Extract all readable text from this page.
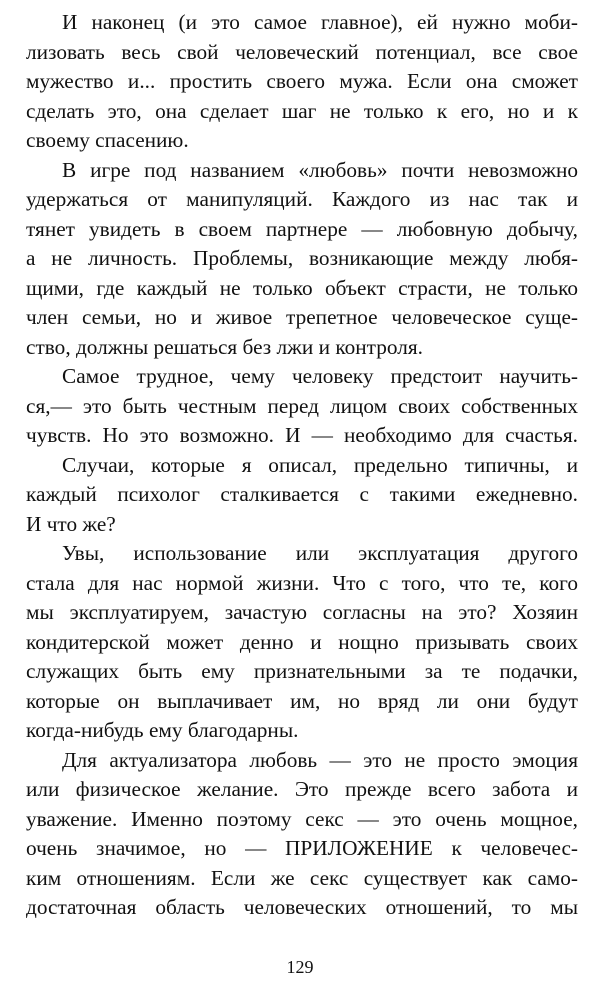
И наконец (и это самое главное), ей нужно моби-
лизовать весь свой человеческий потенциал, все свое
мужество и... простить своего мужа. Если она сможет
сделать это, она сделает шаг не только к его, но и к
своему спасению.
В игре под названием «любовь» почти невозможно
удержаться от манипуляций. Каждого из нас так и
тянет увидеть в своем партнере — любовную добычу,
а не личность. Проблемы, возникающие между любя-
щими, где каждый не только объект страсти, не только
член семьи, но и живое трепетное человеческое суще-
ство, должны решаться без лжи и контроля.
Самое трудное, чему человеку предстоит научить-
ся,— это быть честным перед лицом своих собственных
чувств. Но это возможно. И — необходимо для счастья.
Случаи, которые я описал, предельно типичны, и
каждый психолог сталкивается с такими ежедневно.
И что же?
Увы, использование или эксплуатация другого
стала для нас нормой жизни. Что с того, что те, кого
мы эксплуатируем, зачастую согласны на это? Хозяин
кондитерской может денно и нощно призывать своих
служащих быть ему признательными за те подачки,
которые он выплачивает им, но вряд ли они будут
когда-нибудь ему благодарны.
Для актуализатора любовь — это не просто эмоция
или физическое желание. Это прежде всего забота и
уважение. Именно поэтому секс — это очень мощное,
очень значимое, но — ПРИЛОЖЕНИЕ к человечес-
ким отношениям. Если же секс существует как само-
достаточная область человеческих отношений, то мы
129
